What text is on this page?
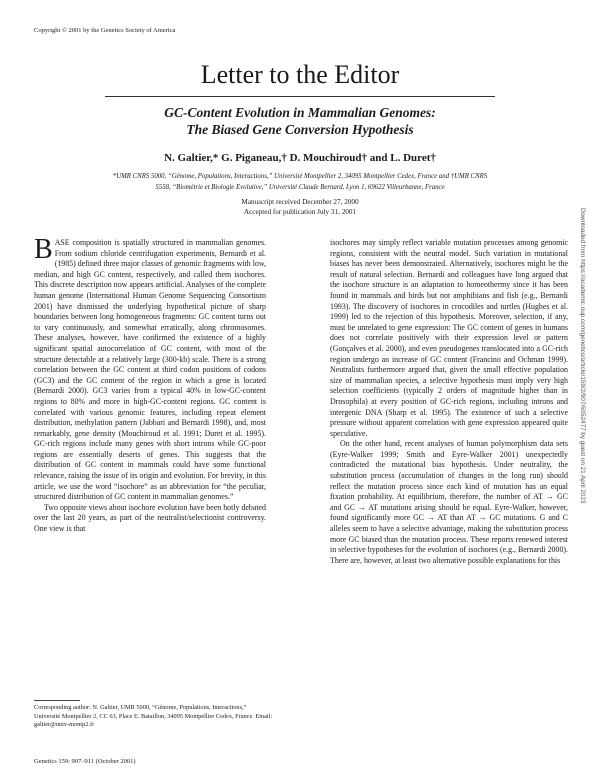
Copyright © 2001 by the Genetics Society of America
Letter to the Editor
GC-Content Evolution in Mammalian Genomes:
The Biased Gene Conversion Hypothesis
N. Galtier,* G. Piganeau,† D. Mouchiroud† and L. Duret†
*UMR CNRS 5000, “Génome, Populations, Interactions,” Université Montpellier 2, 34095 Montpellier Cedex, France and †UMR CNRS
5558, “Biométrie et Biologie Evolutive,” Université Claude Bernard, Lyon 1, 69622 Villeurbanne, France
Manuscript received December 27, 2000
Accepted for publication July 31, 2001

BASE composition is spatially structured in mammalian genomes. From sodium chloride centrifugation experiments, Bernardi et al. (1985) defined three major classes of genomic fragments with low, median, and high GC content, respectively, and called them isochores. This discrete description now appears artificial. Analyses of the complete human genome (International Human Genome Sequencing Consortium 2001) have dismissed the underlying hypothetical picture of sharp boundaries between long homogeneous fragments: GC content turns out to vary continuously, and somewhat erratically, along chromosomes. These analyses, however, have confirmed the existence of a highly significant spatial autocorrelation of GC content, with most of the structure detectable at a relatively large (300-kb) scale. There is a strong correlation between the GC content at third codon positions of codons (GC3) and the GC content of the region in which a gene is located (Bernardi 2000). GC3 varies from a typical 40% in low-GC-content regions to 80% and more in high-GC-content regions. GC content is correlated with various genomic features, including repeat element distribution, methylation pattern (Jabbari and Bernardi 1998), and, most remarkably, gene density (Mouchiroud et al. 1991; Duret et al. 1995). GC-rich regions include many genes with short introns while GC-poor regions are essentially deserts of genes. This suggests that the distribution of GC content in mammals could have some functional relevance, raising the issue of its origin and evolution. For brevity, in this article, we use the word “isochore” as an abbreviation for “the peculiar, structured distribution of GC content in mammalian genomes.”

Two opposite views about isochore evolution have been hotly debated over the last 20 years, as part of the neutralist/selectionist controversy. One view is that

isochores may simply reflect variable mutation processes among genomic regions, consistent with the neutral model. Such variation in mutational biases has never been demonstrated. Alternatively, isochores might be the result of natural selection. Bernardi and colleagues have long argued that the isochore structure is an adaptation to homeothermy since it has been found in mammals and birds but not amphibians and fish (e.g., Bernardi 1993). The discovery of isochores in crocodiles and turtles (Hughes et al. 1999) led to the rejection of this hypothesis. Moreover, selection, if any, must be unrelated to gene expression: The GC content of genes in humans does not correlate positively with their expression level or pattern (Gonçalves et al. 2000), and even pseudogenes translocated into a GC-rich region undergo an increase of GC content (Francino and Ochman 1999). Neutralists furthermore argued that, given the small effective population size of mammalian species, a selective hypothesis must imply very high selection coefficients (typically 2 orders of magnitude higher than in Drosophila) at every position of GC-rich regions, including introns and intergenic DNA (Sharp et al. 1995). The existence of such a selective pressure without apparent correlation with gene expression appeared quite speculative.

On the other hand, recent analyses of human polymorphism data sets (Eyre-Walker 1999; Smith and Eyre-Walker 2001) unexpectedly contradicted the mutational bias hypothesis. Under neutrality, the substitution process (accumulation of changes in the long run) should reflect the mutation process since each kind of mutation has an equal fixation probability. At equilibrium, therefore, the number of AT → GC and GC → AT mutations arising should be equal. Eyre-Walker, however, found significantly more GC → AT than AT → GC mutations. G and C alleles seem to have a selective advantage, making the substitution process more GC biased than the mutation process. These reports renewed interest in selective hypotheses for the evolution of isochores (e.g., Bernardi 2000). There are, however, at least two alternative possible explanations for this

Corresponding author: N. Galtier, UMR 5000, “Génome, Populations, Interactions,” Université Montpellier 2, CC 63, Place E. Bataillon, 34095 Montpellier Cedex, France. Email: galtier@univ-montp2.fr
Genetics 159: 907–911 (October 2001)
Downloaded from https://academic.oup.com/genetics/article/159/2/907/6052477 by guest on 21 April 2023
